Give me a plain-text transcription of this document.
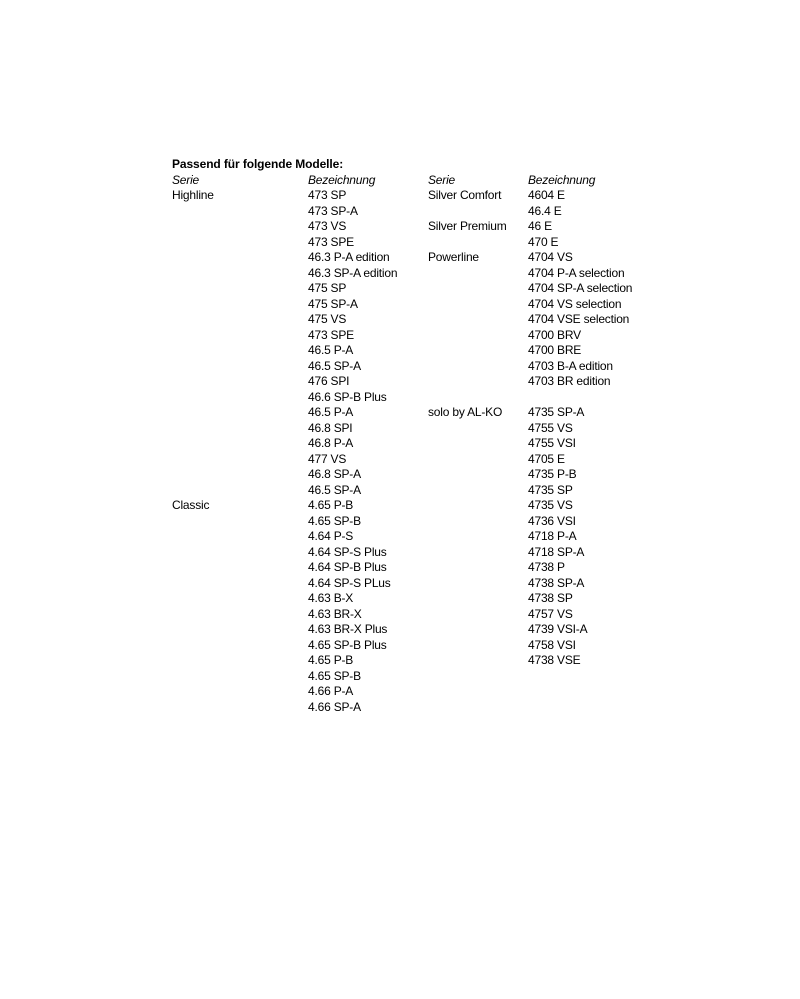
Passend für folgende Modelle:
Serie
Highline

Classic

Bezeichnung
473 SP
473 SP-A
473 VS
473 SPE
46.3 P-A edition
46.3 SP-A edition
475 SP
475 SP-A
475 VS
473 SPE
46.5 P-A
46.5 SP-A
476 SPI
46.6 SP-B Plus
46.5 P-A
46.8 SPI
46.8 P-A
477 VS
46.8 SP-A
46.5 SP-A
4.65 P-B
4.65 SP-B
4.64 P-S
4.64 SP-S Plus
4.64 SP-B Plus
4.64 SP-S PLus
4.63 B-X
4.63 BR-X
4.63 BR-X Plus
4.65 SP-B Plus
4.65 P-B
4.65 SP-B
4.66 P-A
4.66 SP-A
Serie
Silver Comfort

Silver Premium

Powerline

solo by AL-KO

Bezeichnung
4604 E
46.4 E
46 E
470 E
4704 VS
4704 P-A selection
4704 SP-A selection
4704 VS selection
4704 VSE selection
4700 BRV
4700 BRE
4703 B-A edition
4703 BR edition

4735 SP-A
4755 VS
4755 VSI
4705 E
4735 P-B
4735 SP
4735 VS
4736 VSI
4718 P-A
4718 SP-A
4738 P
4738 SP-A
4738 SP
4757 VS
4739 VSI-A
4758 VSI
4738 VSE
